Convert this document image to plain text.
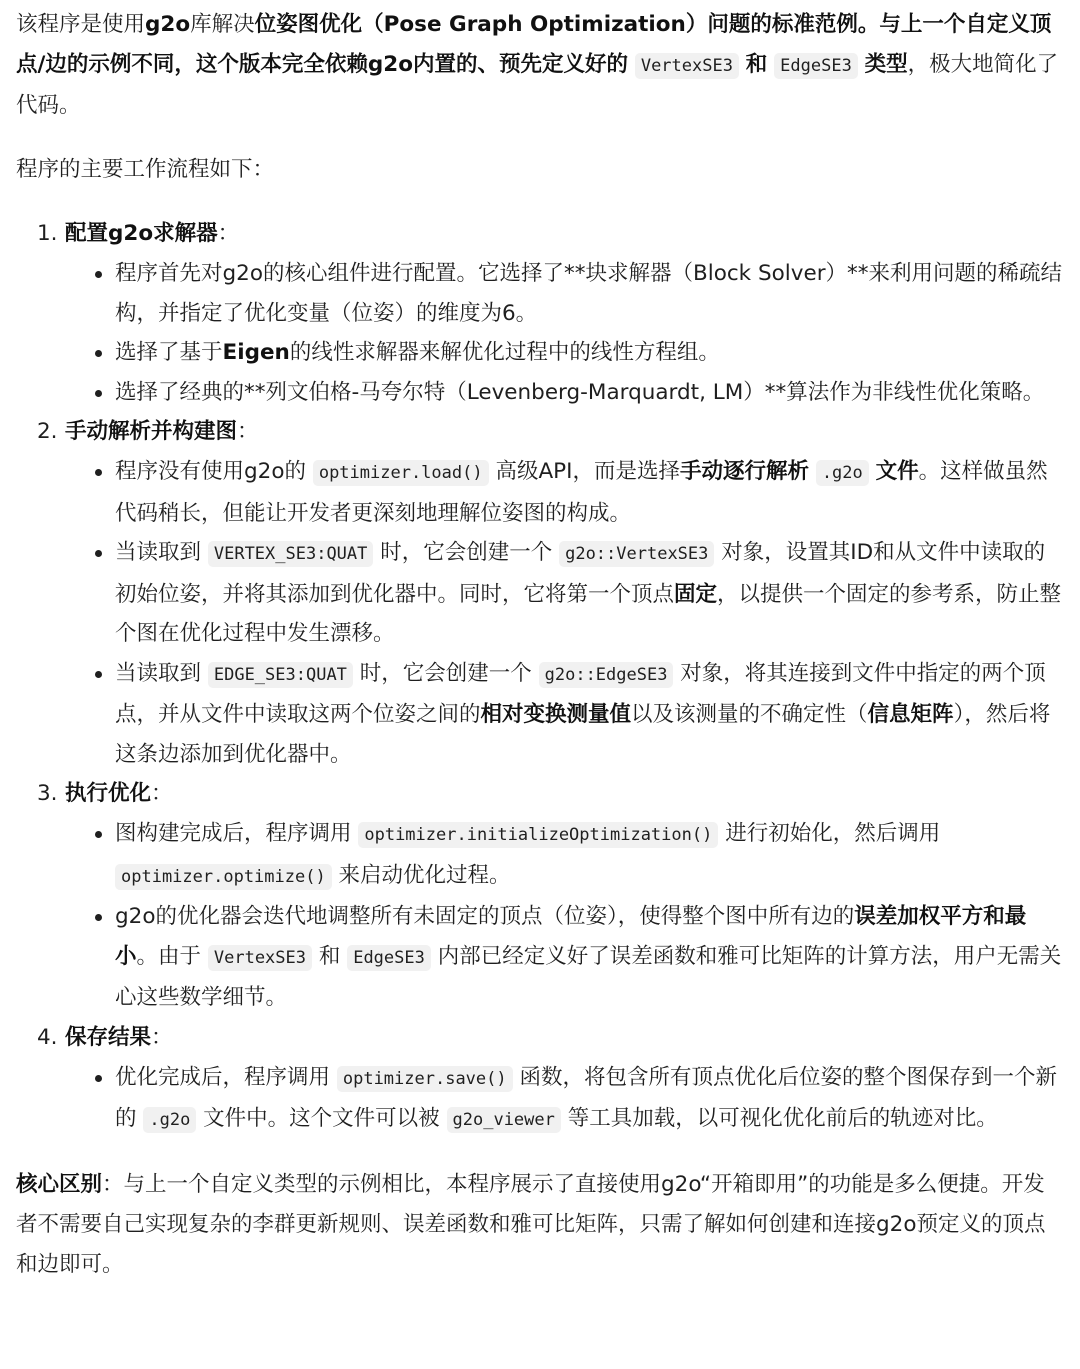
该程序是使用g2o库解决位姿图优化（Pose Graph Optimization）问题的标准范例。与上一个自定义顶点/边的示例不同，这个版本完全依赖g2o内置的、预先定义好的 VertexSE3 和 EdgeSE3 类型，极大地简化了代码。

程序的主要工作流程如下：

1. 配置g2o求解器：
程序首先对g2o的核心组件进行配置。它选择了**块求解器（Block Solver）**来利用问题的稀疏结构，并指定了优化变量（位姿）的维度为6。
选择了基于Eigen的线性求解器来解优化过程中的线性方程组。
选择了经典的**列文伯格-马夸尔特（Levenberg-Marquardt, LM）**算法作为非线性优化策略。
2. 手动解析并构建图：
程序没有使用g2o的 optimizer.load() 高级API，而是选择手动逐行解析 .g2o 文件。这样做虽然代码稍长，但能让开发者更深刻地理解位姿图的构成。
当读取到 VERTEX_SE3:QUAT 时，它会创建一个 g2o::VertexSE3 对象，设置其ID和从文件中读取的初始位姿，并将其添加到优化器中。同时，它将第一个顶点固定，以提供一个固定的参考系，防止整个图在优化过程中发生漂移。
当读取到 EDGE_SE3:QUAT 时，它会创建一个 g2o::EdgeSE3 对象，将其连接到文件中指定的两个顶点，并从文件中读取这两个位姿之间的相对变换测量值以及该测量的不确定性（信息矩阵），然后将这条边添加到优化器中。
3. 执行优化：
图构建完成后，程序调用 optimizer.initializeOptimization() 进行初始化，然后调用 optimizer.optimize() 来启动优化过程。
g2o的优化器会迭代地调整所有未固定的顶点（位姿），使得整个图中所有边的误差加权平方和最小。由于 VertexSE3 和 EdgeSE3 内部已经定义好了误差函数和雅可比矩阵的计算方法，用户无需关心这些数学细节。
4. 保存结果：
优化完成后，程序调用 optimizer.save() 函数，将包含所有顶点优化后位姿的整个图保存到一个新的 .g2o 文件中。这个文件可以被 g2o_viewer 等工具加载，以可视化优化前后的轨迹对比。

核心区别：与上一个自定义类型的示例相比，本程序展示了直接使用g2o“开箱即用”的功能是多么便捷。开发者不需要自己实现复杂的李群更新规则、误差函数和雅可比矩阵，只需了解如何创建和连接g2o预定义的顶点和边即可。
